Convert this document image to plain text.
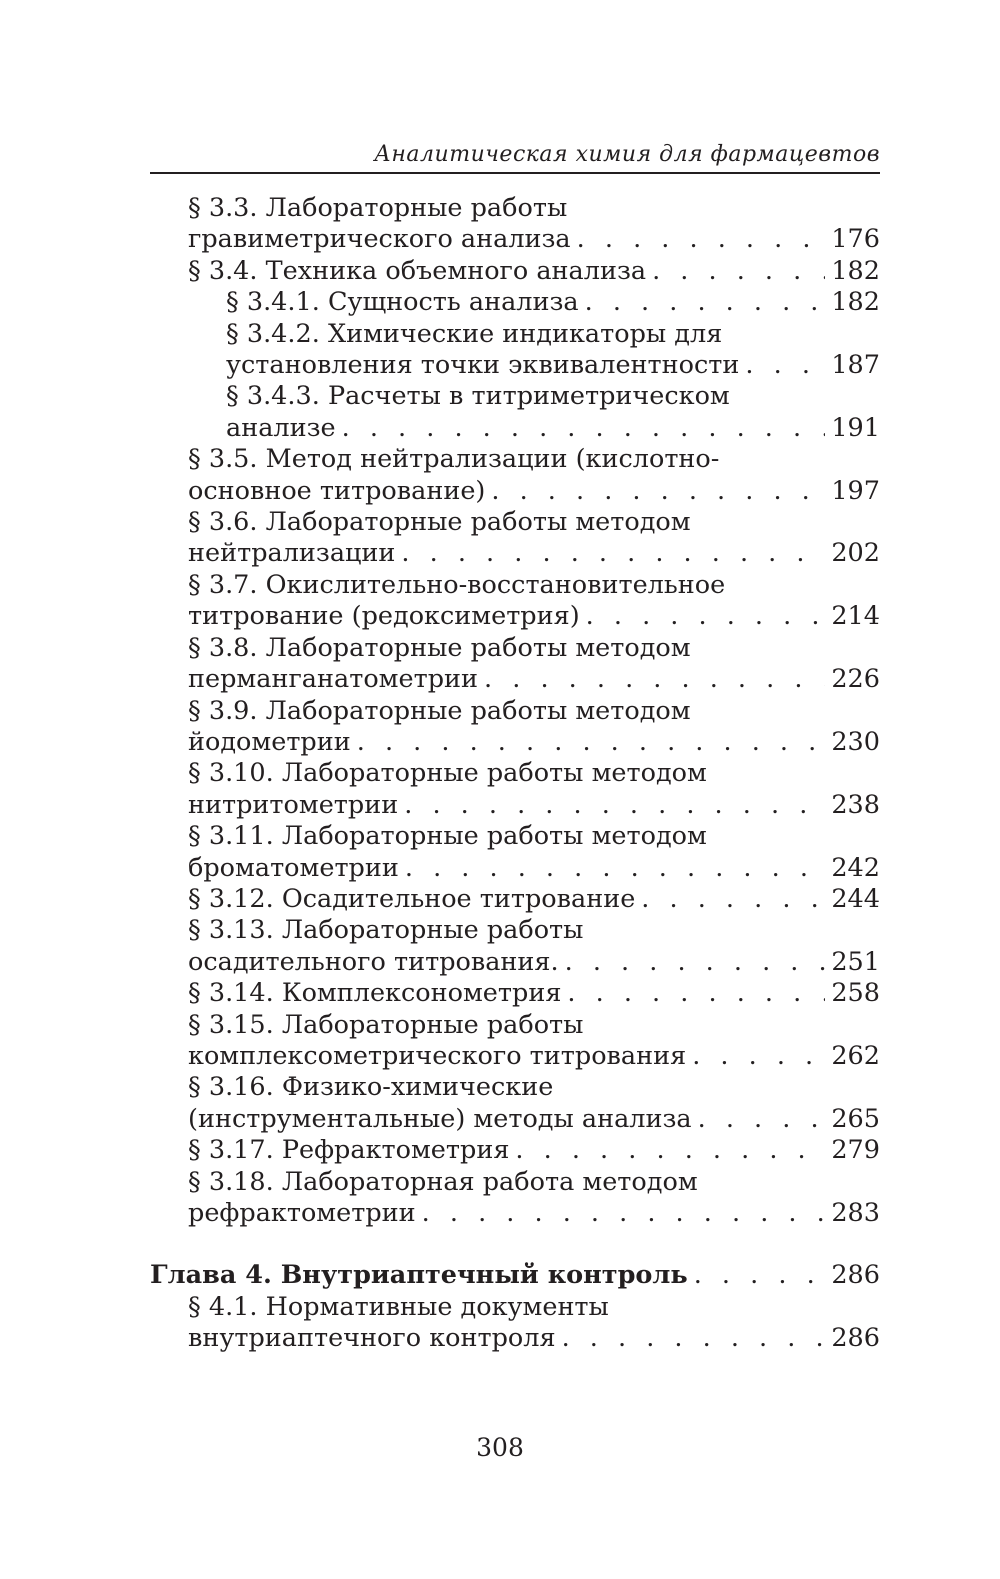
Аналитическая химия для фармацевтов
§ 3.3. Лабораторные работы
гравиметрического анализа . . .	176
§ 3.4. Техника объемного анализа . . .	182
§ 3.4.1. Сущность анализа . . .	182
§ 3.4.2. Химические индикаторы для
установления точки эквивалентности . . .	187
§ 3.4.3. Расчеты в титриметрическом
анализе . . .	191
§ 3.5. Метод нейтрализации (кислотно-
основное титрование) . . .	197
§ 3.6. Лабораторные работы методом
нейтрализации . . .	202
§ 3.7. Окислительно-восстановительное
титрование (редоксиметрия) . . .	214
§ 3.8. Лабораторные работы методом
перманганатометрии . . .	226
§ 3.9. Лабораторные работы методом
йодометрии . . .	230
§ 3.10. Лабораторные работы методом
нитритометрии . . .	238
§ 3.11. Лабораторные работы методом
броматометрии . . .	242
§ 3.12. Осадительное титрование . . .	244
§ 3.13. Лабораторные работы
осадительного титрования. . . .	251
§ 3.14. Комплексонометрия . . .	258
§ 3.15. Лабораторные работы
комплексометрического титрования . . .	262
§ 3.16. Физико-химические
(инструментальные) методы анализа . . .	265
§ 3.17. Рефрактометрия . . .	279
§ 3.18. Лабораторная работа методом
рефрактометрии . . .	283
Глава 4. Внутриаптечный контроль . . .	286
§ 4.1. Нормативные документы
внутриаптечного контроля . . .	286
308
